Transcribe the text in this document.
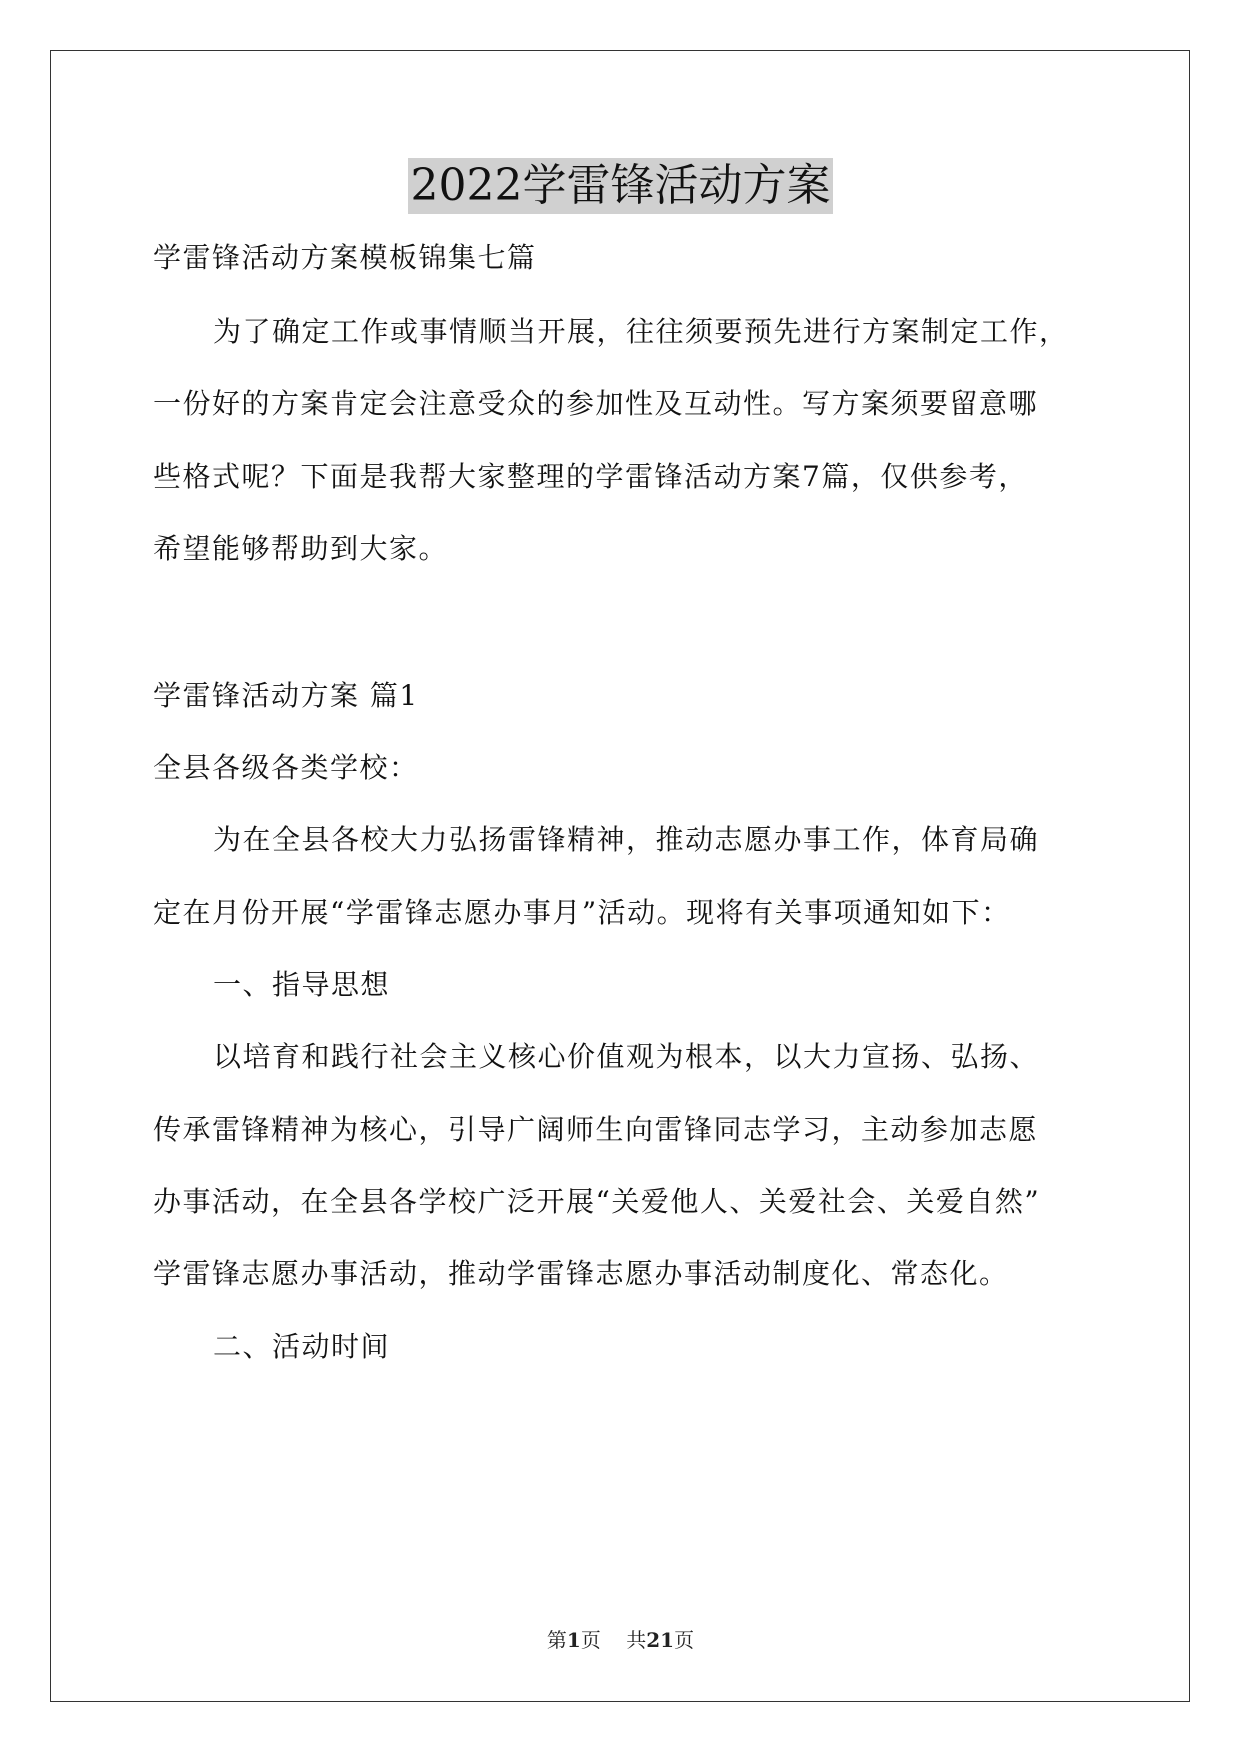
2022学雷锋活动方案
学雷锋活动方案模板锦集七篇
为了确定工作或事情顺当开展，往往须要预先进行方案制定工作，
一份好的方案肯定会注意受众的参加性及互动性。写方案须要留意哪
些格式呢？下面是我帮大家整理的学雷锋活动方案7篇，仅供参考，
希望能够帮助到大家。
学雷锋活动方案 篇1
全县各级各类学校：
为在全县各校大力弘扬雷锋精神，推动志愿办事工作，体育局确
定在月份开展“学雷锋志愿办事月”活动。现将有关事项通知如下：
一、指导思想
以培育和践行社会主义核心价值观为根本，以大力宣扬、弘扬、
传承雷锋精神为核心，引导广阔师生向雷锋同志学习，主动参加志愿
办事活动，在全县各学校广泛开展“关爱他人、关爱社会、关爱自然”
学雷锋志愿办事活动，推动学雷锋志愿办事活动制度化、常态化。
二、活动时间
第1页    共21页
